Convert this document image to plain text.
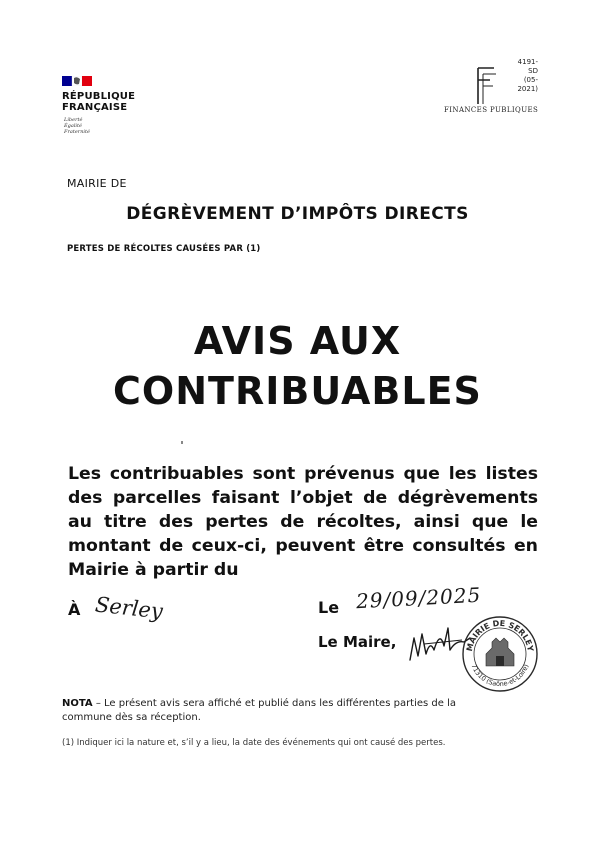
RÉPUBLIQUE
FRANÇAISE
Liberté
Égalité
Fraternité
4191-SD
(05-2021)
FINANCES PUBLIQUES
MAIRIE DE
DÉGRÈVEMENT D’IMPÔTS DIRECTS
PERTES DE RÉCOLTES CAUSÉES PAR (1)
AVIS AUX
CONTRIBUABLES
Les contribuables sont prévenus que les listes des parcelles faisant l’objet de dégrèvements au titre des pertes de récoltes, ainsi que le montant de ceux-ci, peuvent être consultés en Mairie à partir du
À Serley	Le 29/09/2025
Le Maire,	MAIRIE DE SERLEY
71310 (Saône-et-Loire)
NOTA – Le présent avis sera affiché et publié dans les différentes parties de la commune dès sa réception.
(1) Indiquer ici la nature et, s’il y a lieu, la date des événements qui ont causé des pertes.
